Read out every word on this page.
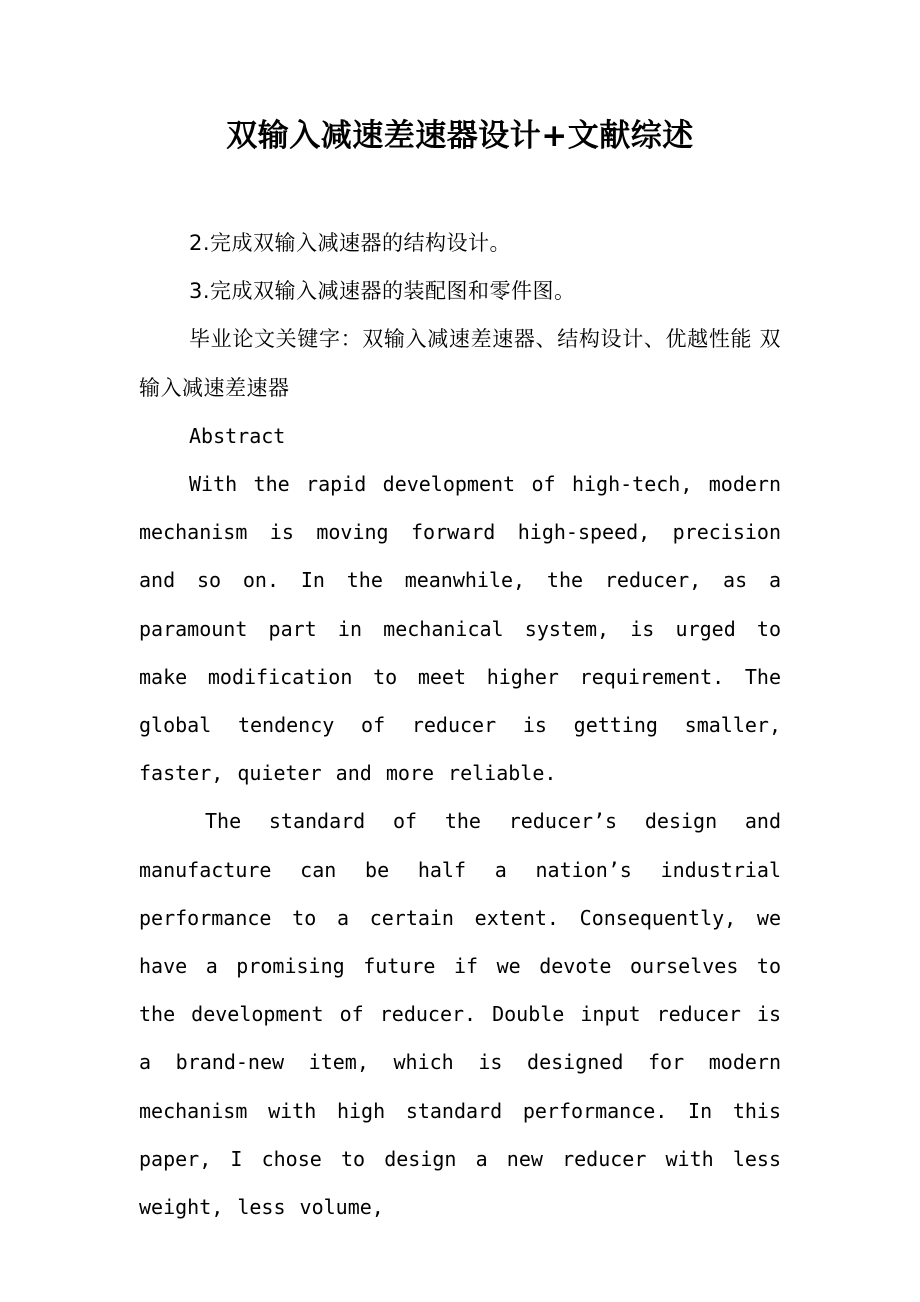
双输入减速差速器设计+文献综述

2.完成双输入减速器的结构设计。

3.完成双输入减速器的装配图和零件图。

毕业论文关键字：双输入减速差速器、结构设计、优越性能 双输入减速差速器

Abstract

With the rapid development of high-tech, modern mechanism is moving forward high-speed, precision and so on. In the meanwhile, the reducer, as a paramount part in mechanical system, is urged to make modification to meet higher requirement. The global tendency of reducer is getting smaller, faster, quieter and more reliable.

The standard of the reducer’s design and manufacture can be half a nation’s industrial performance to a certain extent. Consequently, we have a promising future if we devote ourselves to the development of reducer. Double input reducer is a brand-new item, which is designed for modern mechanism with high standard performance. In this paper, I chose to design a new reducer with less weight, less volume,
